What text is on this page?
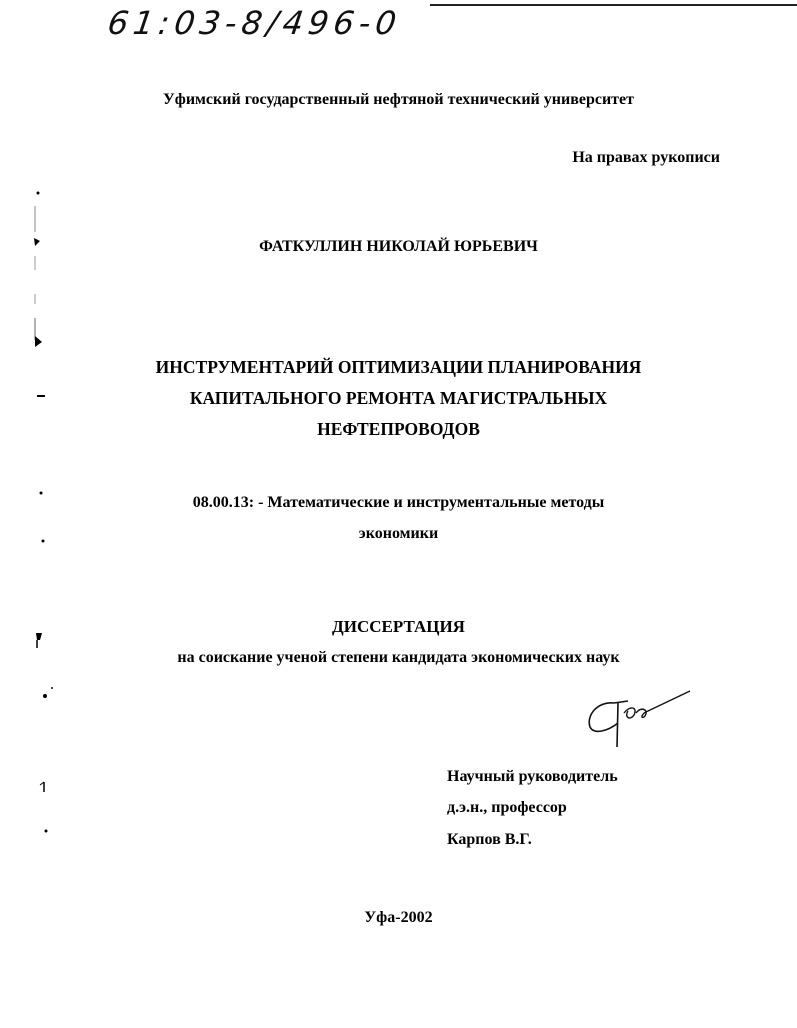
61:03-8/496-0
Уфимский государственный нефтяной технический университет
На правах рукописи
ФАТКУЛЛИН НИКОЛАЙ ЮРЬЕВИЧ
ИНСТРУМЕНТАРИЙ ОПТИМИЗАЦИИ ПЛАНИРОВАНИЯ
КАПИТАЛЬНОГО РЕМОНТА МАГИСТРАЛЬНЫХ
НЕФТЕПРОВОДОВ
08.00.13: - Математические и инструментальные методы
экономики
ДИССЕРТАЦИЯ
на соискание ученой степени кандидата экономических наук
Научный руководитель
д.э.н., профессор
Карпов В.Г.
Уфа-2002
